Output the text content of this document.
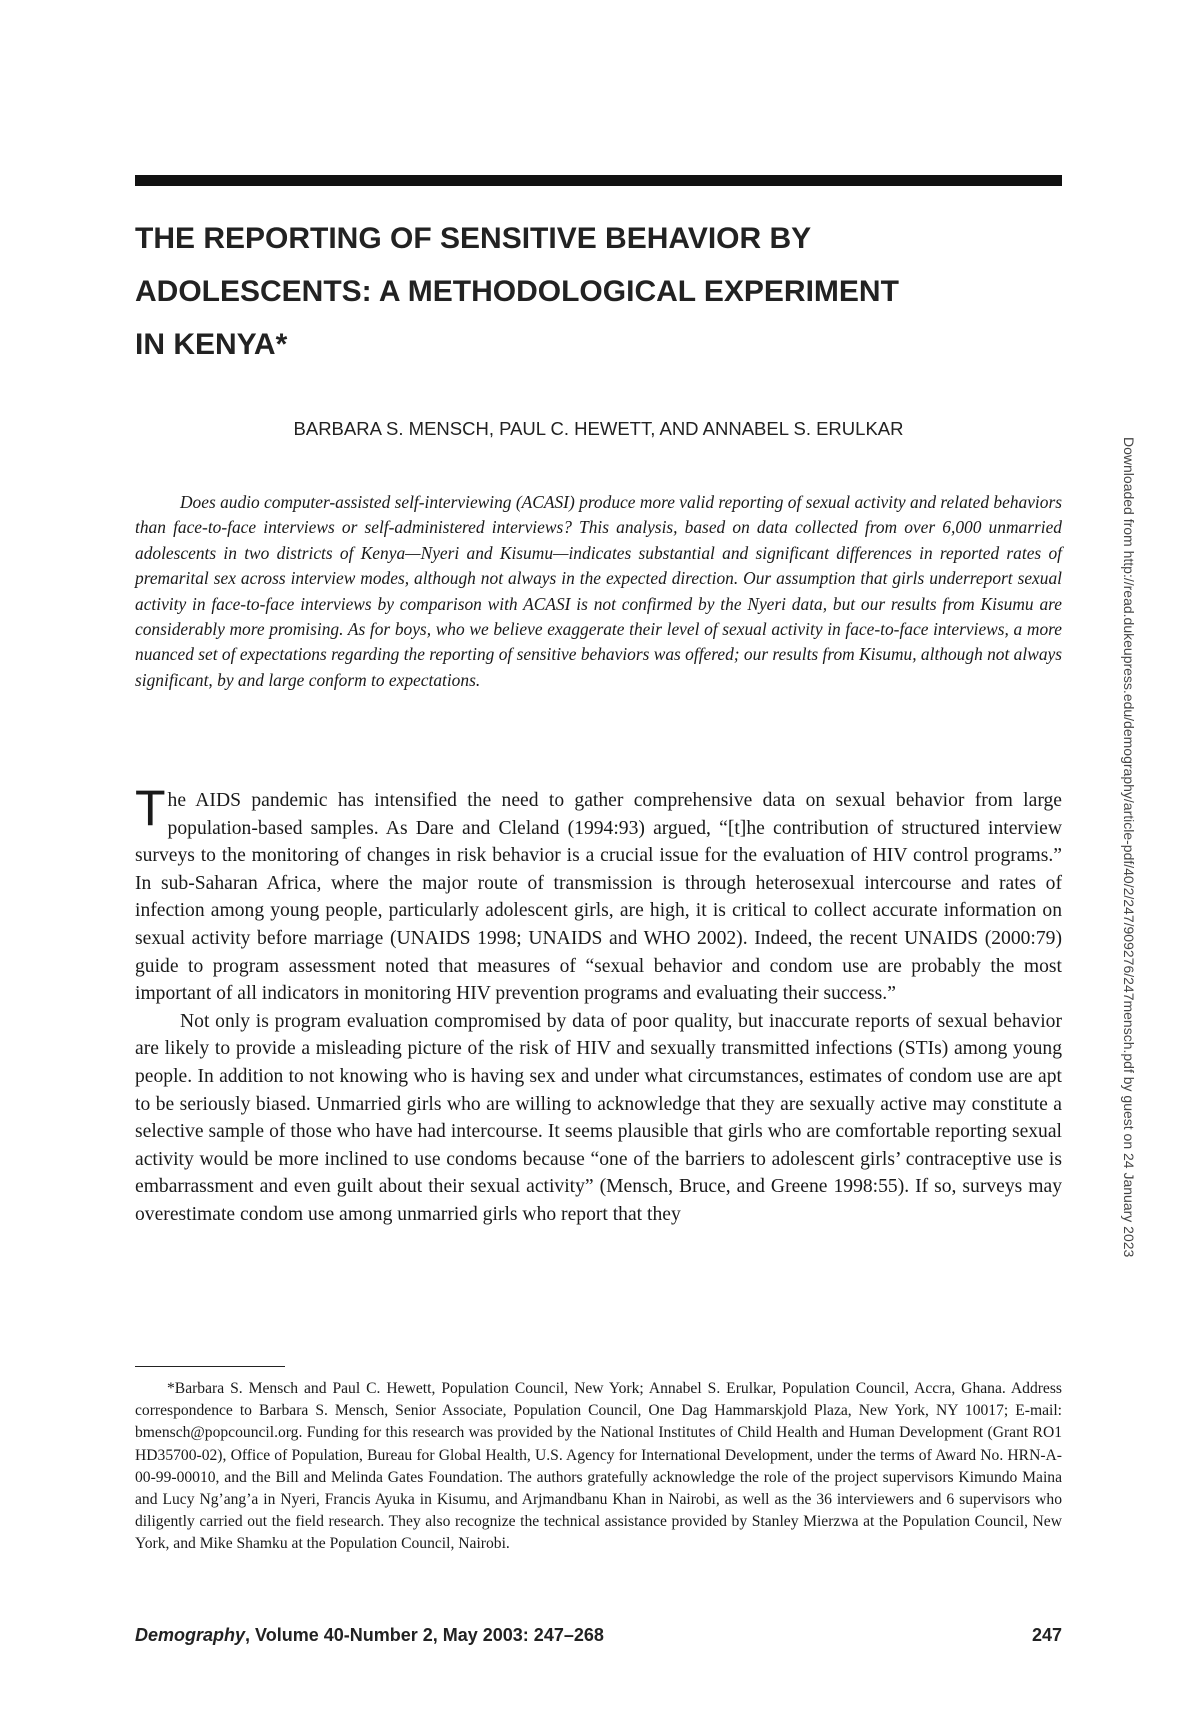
THE REPORTING OF SENSITIVE BEHAVIOR BY
ADOLESCENTS: A METHODOLOGICAL EXPERIMENT
IN KENYA*
BARBARA S. MENSCH, PAUL C. HEWETT, AND ANNABEL S. ERULKAR

Does audio computer-assisted self-interviewing (ACASI) produce more valid reporting of sexual activity and related behaviors than face-to-face interviews or self-administered interviews? This analysis, based on data collected from over 6,000 unmarried adolescents in two districts of Kenya—Nyeri and Kisumu—indicates substantial and significant differences in reported rates of premarital sex across interview modes, although not always in the expected direction. Our assumption that girls underreport sexual activity in face-to-face interviews by comparison with ACASI is not confirmed by the Nyeri data, but our results from Kisumu are considerably more promising. As for boys, who we believe exaggerate their level of sexual activity in face-to-face interviews, a more nuanced set of expectations regarding the reporting of sensitive behaviors was offered; our results from Kisumu, although not always significant, by and large conform to expectations.

The AIDS pandemic has intensified the need to gather comprehensive data on sexual behavior from large population-based samples. As Dare and Cleland (1994:93) argued, “[t]he contribution of structured interview surveys to the monitoring of changes in risk behavior is a crucial issue for the evaluation of HIV control programs.” In sub-Saharan Africa, where the major route of transmission is through heterosexual intercourse and rates of infection among young people, particularly adolescent girls, are high, it is critical to collect accurate information on sexual activity before marriage (UNAIDS 1998; UNAIDS and WHO 2002). Indeed, the recent UNAIDS (2000:79) guide to program assessment noted that measures of “sexual behavior and condom use are probably the most important of all indicators in monitoring HIV prevention programs and evaluating their success.”

Not only is program evaluation compromised by data of poor quality, but inaccurate reports of sexual behavior are likely to provide a misleading picture of the risk of HIV and sexually transmitted infections (STIs) among young people. In addition to not knowing who is having sex and under what circumstances, estimates of condom use are apt to be seriously biased. Unmarried girls who are willing to acknowledge that they are sexually active may constitute a selective sample of those who have had intercourse. It seems plausible that girls who are comfortable reporting sexual activity would be more inclined to use condoms because “one of the barriers to adolescent girls’ contraceptive use is embarrassment and even guilt about their sexual activity” (Mensch, Bruce, and Greene 1998:55). If so, surveys may overestimate condom use among unmarried girls who report that they

*Barbara S. Mensch and Paul C. Hewett, Population Council, New York; Annabel S. Erulkar, Population Council, Accra, Ghana. Address correspondence to Barbara S. Mensch, Senior Associate, Population Council, One Dag Hammarskjold Plaza, New York, NY 10017; E-mail: bmensch@popcouncil.org. Funding for this research was provided by the National Institutes of Child Health and Human Development (Grant RO1 HD35700-02), Office of Population, Bureau for Global Health, U.S. Agency for International Development, under the terms of Award No. HRN-A-00-99-00010, and the Bill and Melinda Gates Foundation. The authors gratefully acknowledge the role of the project supervisors Kimundo Maina and Lucy Ng’ang’a in Nyeri, Francis Ayuka in Kisumu, and Arjmandbanu Khan in Nairobi, as well as the 36 interviewers and 6 supervisors who diligently carried out the field research. They also recognize the technical assistance provided by Stanley Mierzwa at the Population Council, New York, and Mike Shamku at the Population Council, Nairobi.

Demography, Volume 40-Number 2, May 2003: 247–268	247
Downloaded from http://read.dukeupress.edu/demography/article-pdf/40/2/247/909276/247mensch.pdf by guest on 24 January 2023
